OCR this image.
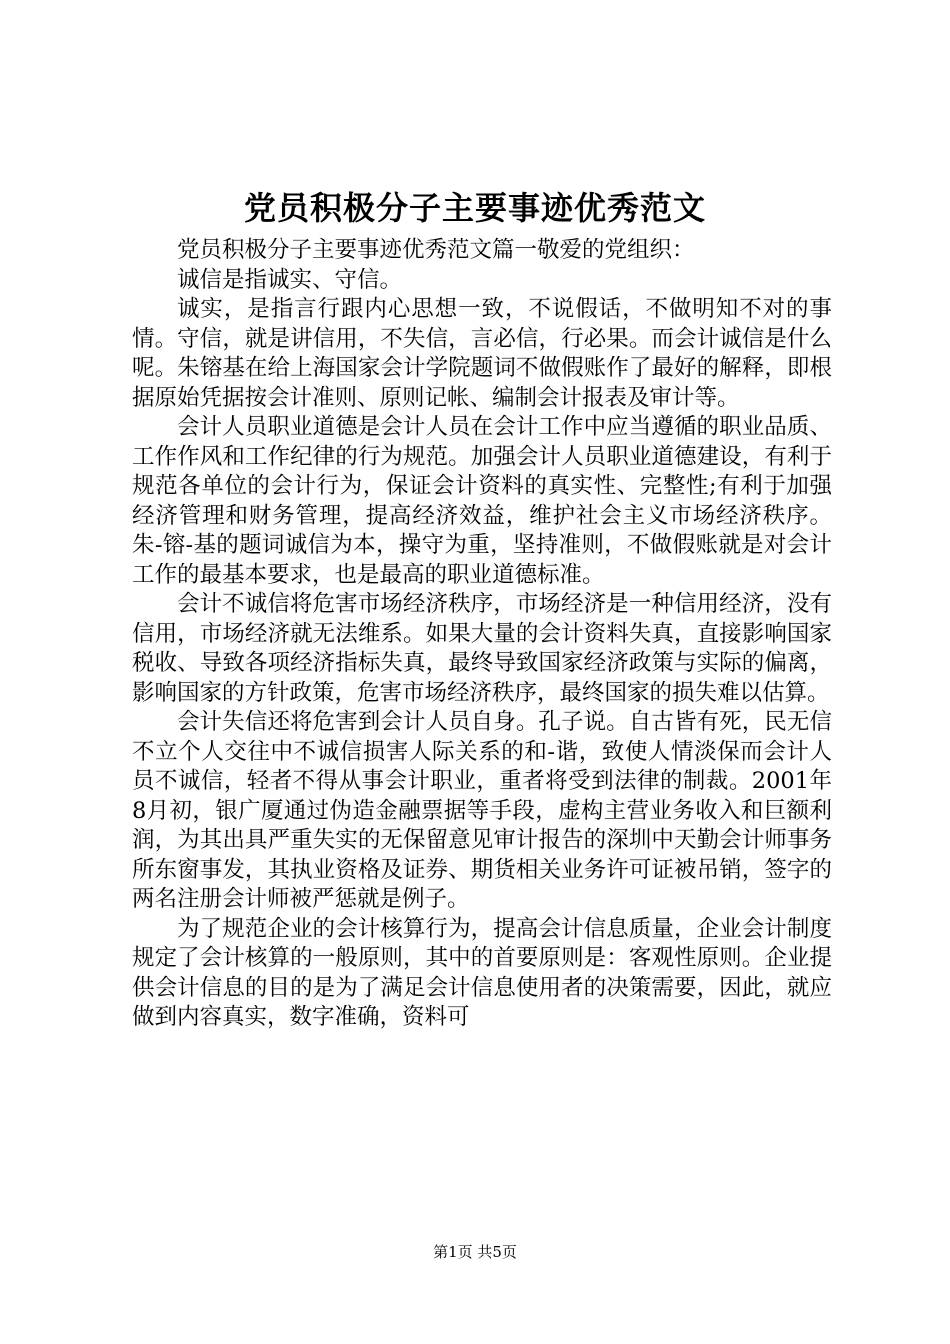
党员积极分子主要事迹优秀范文

党员积极分子主要事迹优秀范文篇一敬爱的党组织：

诚信是指诚实、守信。

诚实，是指言行跟内心思想一致，不说假话，不做明知不对的事情。守信，就是讲信用，不失信，言必信，行必果。而会计诚信是什么呢。朱镕基在给上海国家会计学院题词不做假账作了最好的解释，即根据原始凭据按会计准则、原则记帐、编制会计报表及审计等。

会计人员职业道德是会计人员在会计工作中应当遵循的职业品质、工作作风和工作纪律的行为规范。加强会计人员职业道德建设，有利于规范各单位的会计行为，保证会计资料的真实性、完整性;有利于加强经济管理和财务管理，提高经济效益，维护社会主义市场经济秩序。朱-镕-基的题词诚信为本，操守为重，坚持准则，不做假账就是对会计工作的最基本要求，也是最高的职业道德标准。

会计不诚信将危害市场经济秩序，市场经济是一种信用经济，没有信用，市场经济就无法维系。如果大量的会计资料失真，直接影响国家税收、导致各项经济指标失真，最终导致国家经济政策与实际的偏离，影响国家的方针政策，危害市场经济秩序，最终国家的损失难以估算。

会计失信还将危害到会计人员自身。孔子说。自古皆有死，民无信不立个人交往中不诚信损害人际关系的和-谐，致使人情淡保而会计人员不诚信，轻者不得从事会计职业，重者将受到法律的制裁。2001年8月初，银广厦通过伪造金融票据等手段，虚构主营业务收入和巨额利润，为其出具严重失实的无保留意见审计报告的深圳中天勤会计师事务所东窗事发，其执业资格及证券、期货相关业务许可证被吊销，签字的两名注册会计师被严惩就是例子。

为了规范企业的会计核算行为，提高会计信息质量，企业会计制度规定了会计核算的一般原则，其中的首要原则是：客观性原则。企业提供会计信息的目的是为了满足会计信息使用者的决策需要，因此，就应做到内容真实，数字准确，资料可

第1页 共5页
